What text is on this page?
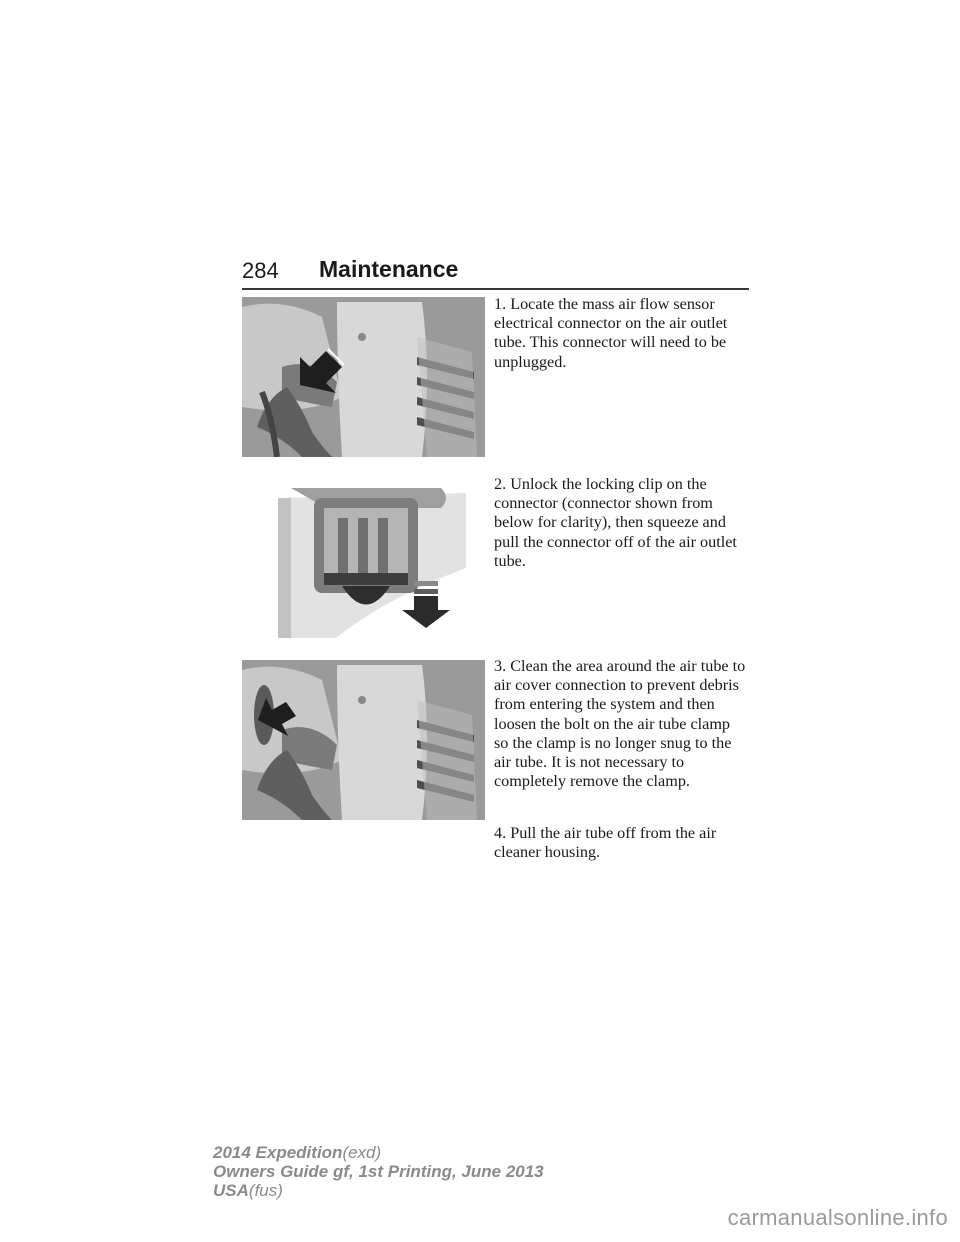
284 Maintenance

1. Locate the mass air flow sensor electrical connector on the air outlet tube. This connector will need to be unplugged.

2. Unlock the locking clip on the connector (connector shown from below for clarity), then squeeze and pull the connector off of the air outlet tube.

3. Clean the area around the air tube to air cover connection to prevent debris from entering the system and then loosen the bolt on the air tube clamp so the clamp is no longer snug to the air tube. It is not necessary to completely remove the clamp.

4. Pull the air tube off from the air cleaner housing.

2014 Expedition(exd)
Owners Guide gf, 1st Printing, June 2013
USA(fus)
carmanualsonline.info
